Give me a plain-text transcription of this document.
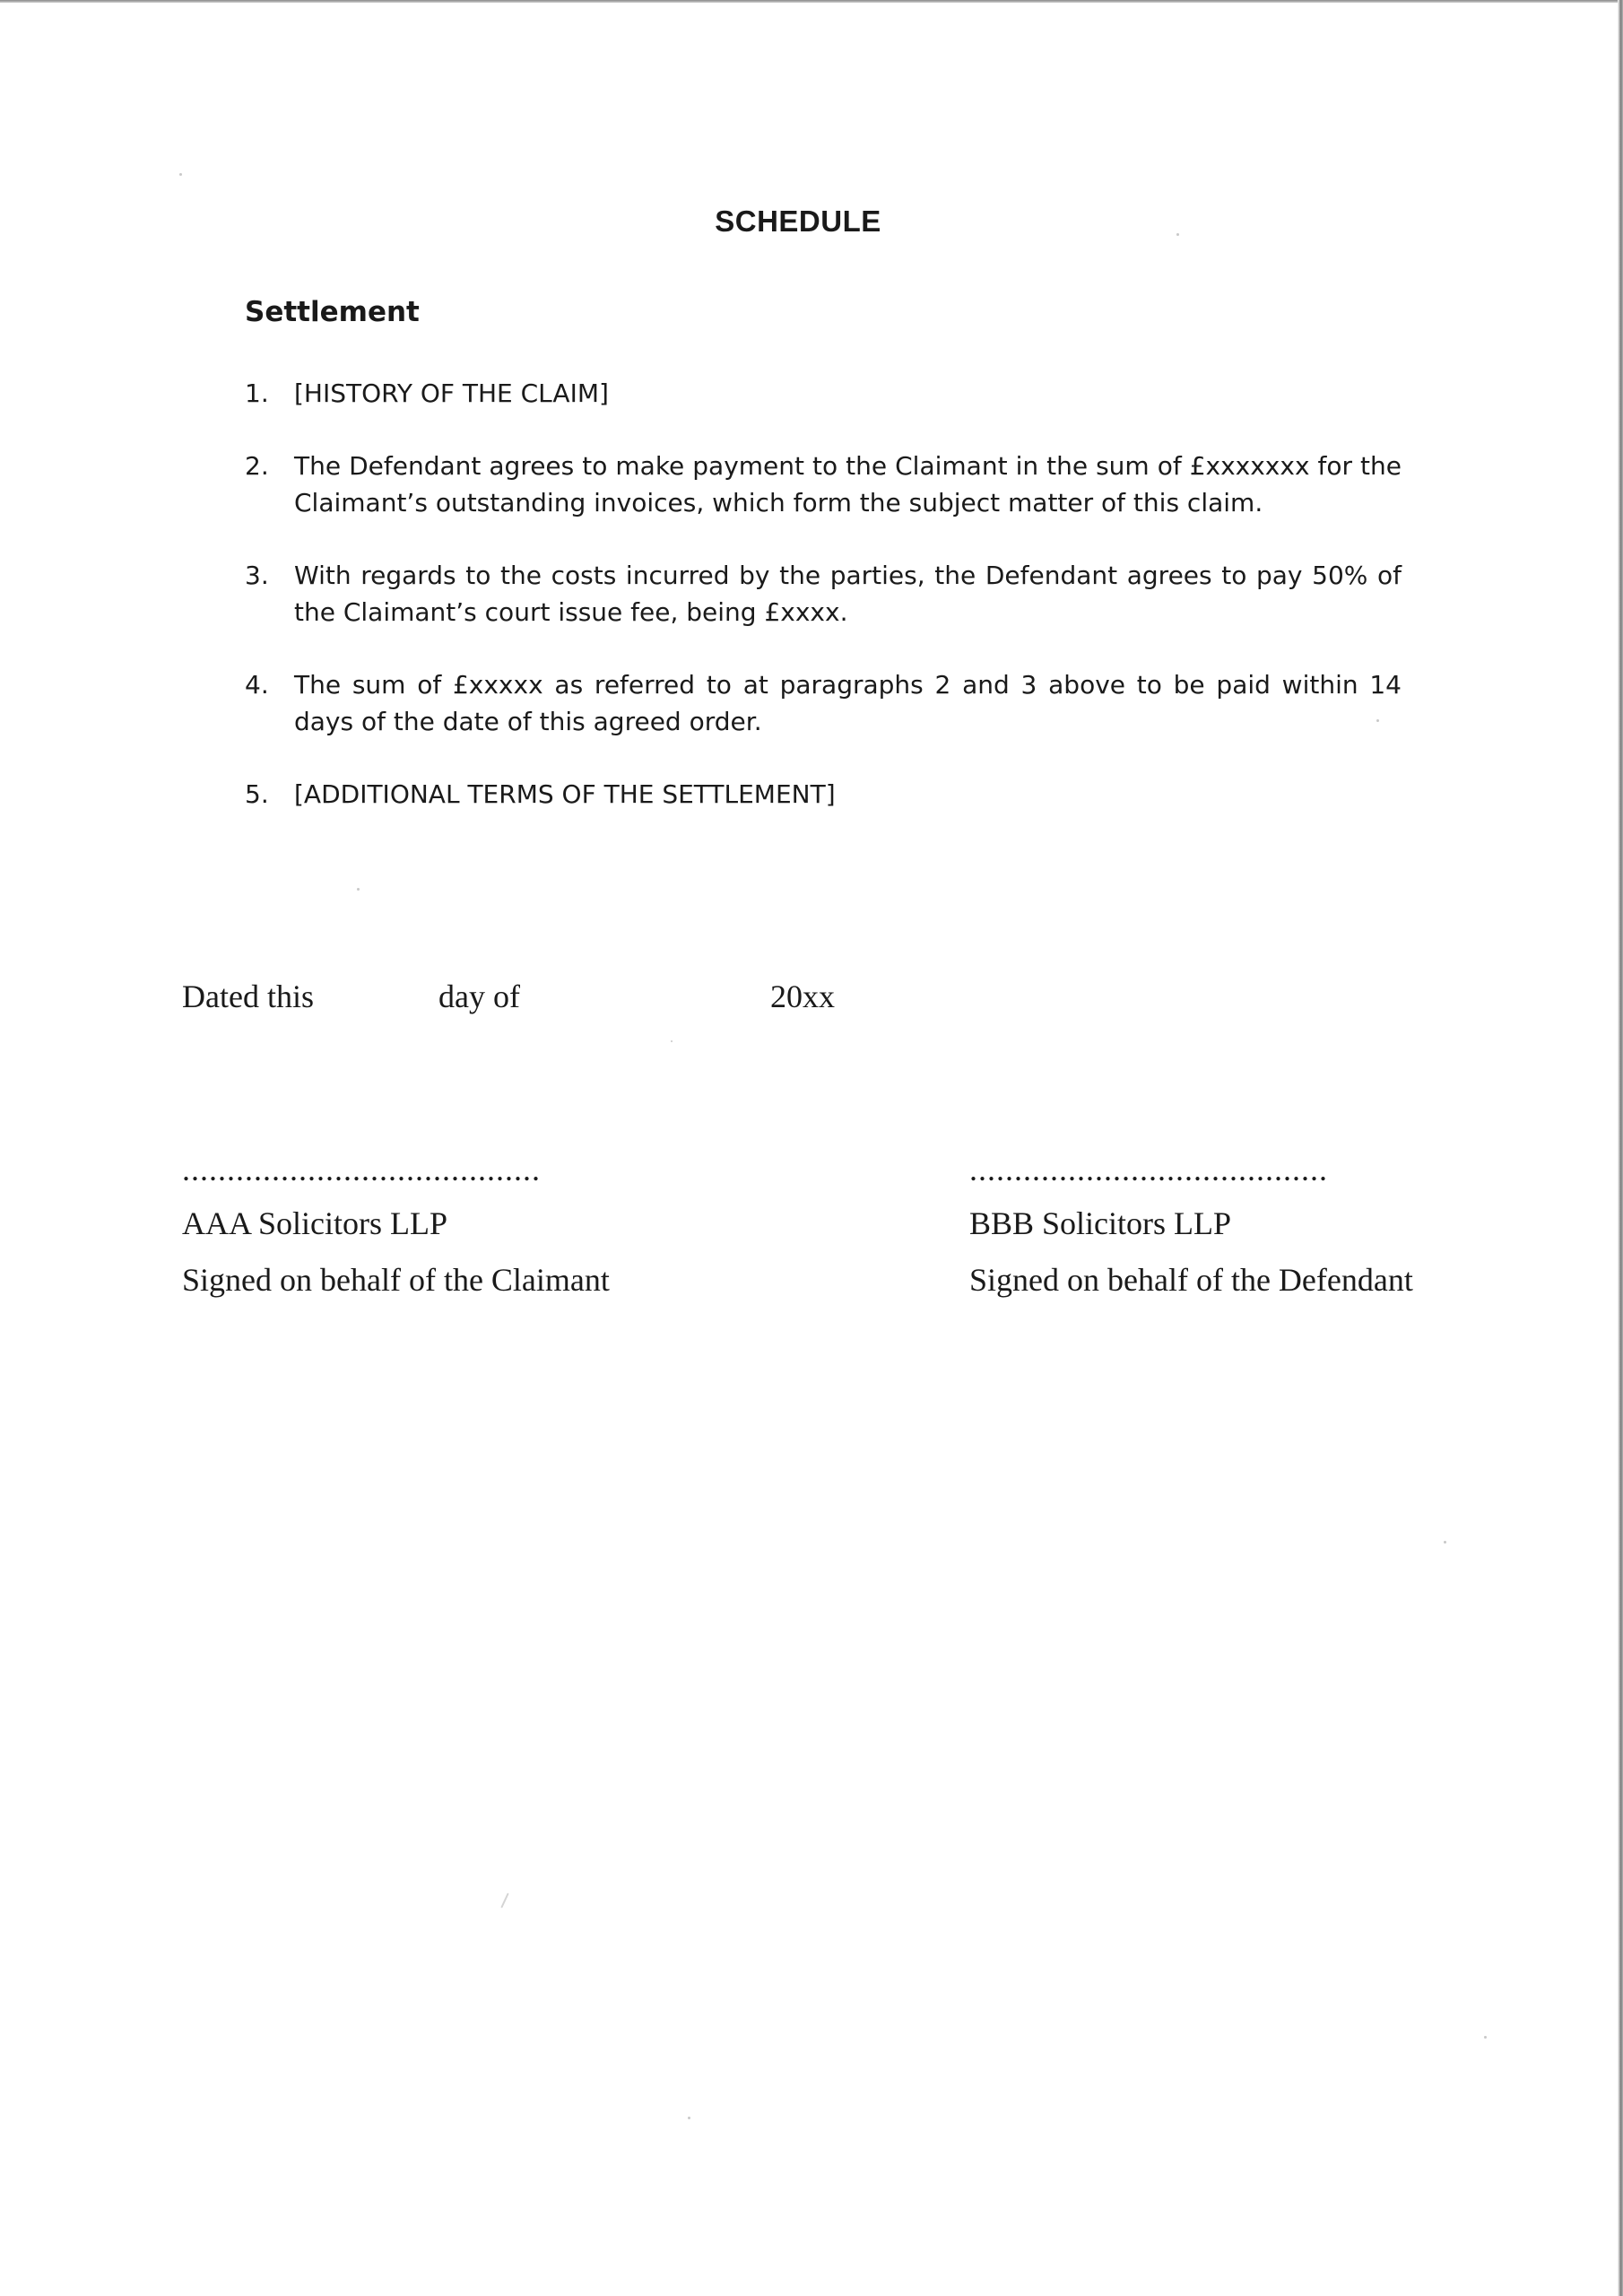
SCHEDULE
Settlement
1.	[HISTORY OF THE CLAIM]
2.	The Defendant agrees to make payment to the Claimant in the sum of £xxxxxxx for the Claimant’s outstanding invoices, which form the subject matter of this claim.
3.	With regards to the costs incurred by the parties, the Defendant agrees to pay 50% of the Claimant’s court issue fee, being £xxxx.
4.	The sum of £xxxxx as referred to at paragraphs 2 and 3 above to be paid within 14 days of the date of this agreed order.
5.	[ADDITIONAL TERMS OF THE SETTLEMENT]
Dated this	day of	20xx
........................................	........................................
AAA Solicitors LLP	BBB Solicitors LLP
Signed on behalf of the Claimant	Signed on behalf of the Defendant
